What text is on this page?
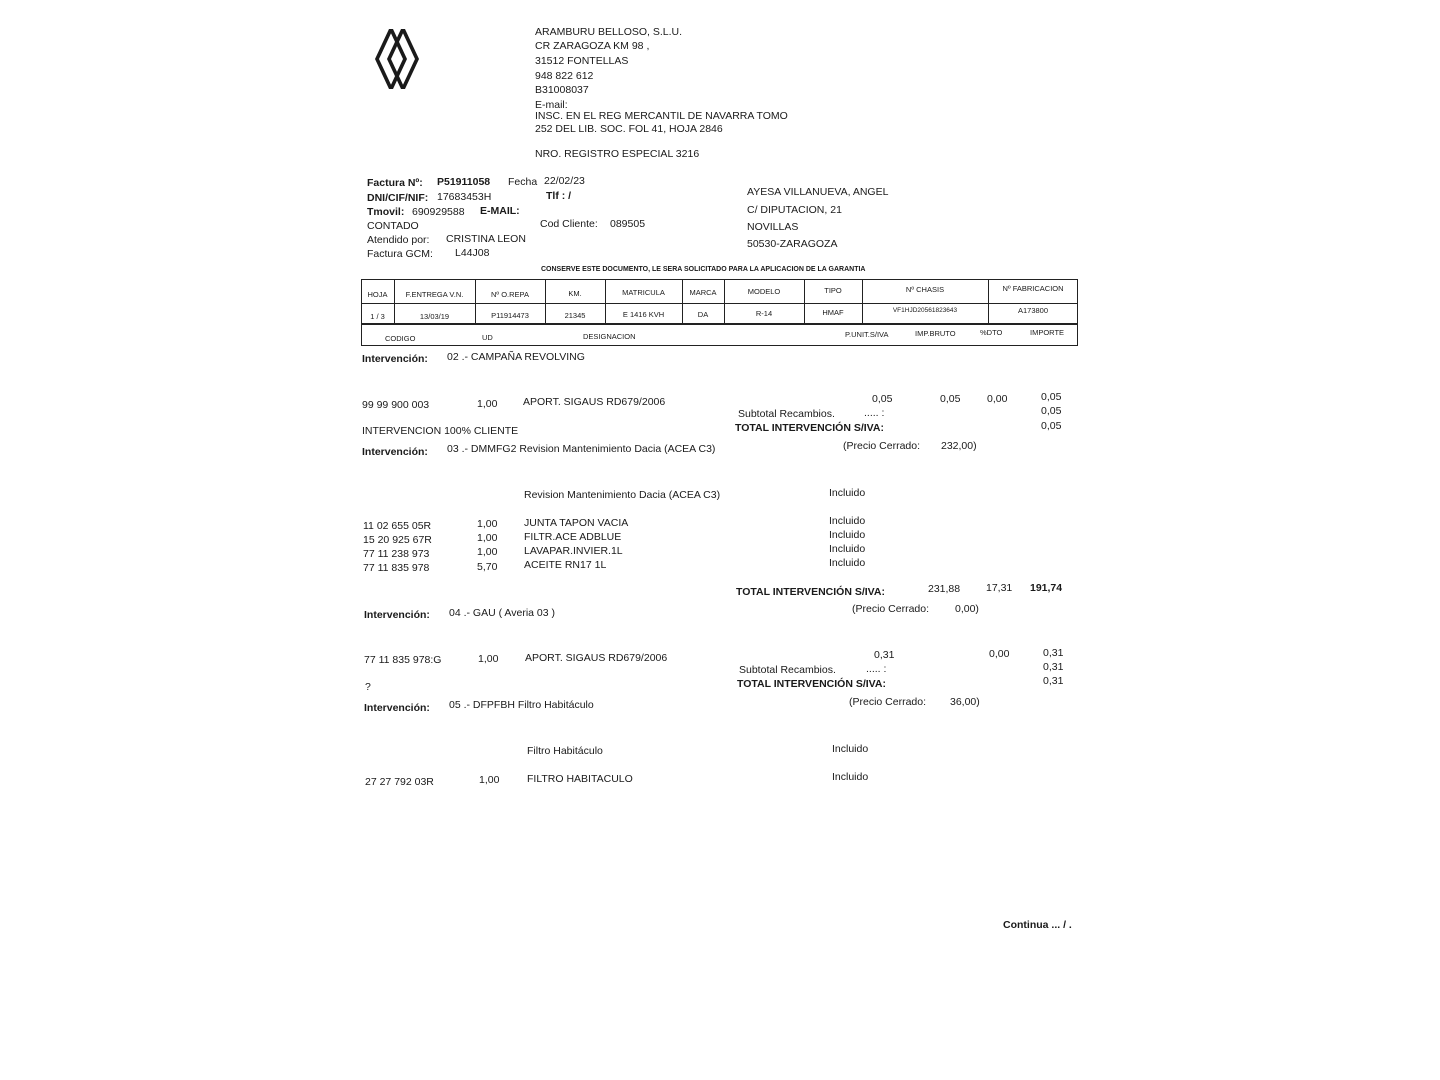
ARAMBURU BELLOSO, S.L.U.
CR ZARAGOZA KM 98 ,
31512 FONTELLAS
948 822 612
B31008037
E-mail:
INSC. EN EL REG MERCANTIL DE NAVARRA TOMO
252 DEL LIB. SOC. FOL 41, HOJA 2846
NRO. REGISTRO ESPECIAL 3216
Factura Nº: P51911058 Fecha 22/02/23
DNI/CIF/NIF: 17683453H	Tlf : /
Tmovil: 690929588 E-MAIL:
CONTADO	Cod Cliente: 089505
Atendido por: CRISTINA LEON
Factura GCM: L44J08
AYESA VILLANUEVA, ANGEL
C/ DIPUTACION, 21
NOVILLAS
50530-ZARAGOZA
CONSERVE ESTE DOCUMENTO, LE SERA SOLICITADO PARA LA APLICACION DE LA GARANTIA
HOJA	F.ENTREGA V.N.	Nº O.REPA	KM.	MATRICULA	MARCA	MODELO	TIPO	Nº CHASIS	Nº FABRICACION
1 / 3	13/03/19	P11914473	21345	E 1416 KVH	DA	R-14	HMAF	VF1HJD20561823643	A173800
CODIGO	UD	DESIGNACION	P.UNIT.S/IVA	IMP.BRUTO	%DTO	IMPORTE
Intervención: 02 .- CAMPAÑA REVOLVING
99 99 900 003	1,00 APORT. SIGAUS RD679/2006	0,05	0,05	0,00	0,05
Subtotal Recambios.	..... :	0,05
INTERVENCION 100% CLIENTE	TOTAL INTERVENCIÓN S/IVA:	0,05
Intervención: 03 .- DMMFG2 Revision Mantenimiento Dacia (ACEA C3)	(Precio Cerrado: 232,00)
Revision Mantenimiento Dacia (ACEA C3)	Incluido
11 02 655 05R	1,00	JUNTA TAPON VACIA	Incluido
15 20 925 67R	1,00	FILTR.ACE ADBLUE	Incluido
77 11 238 973	1,00	LAVAPAR.INVIER.1L	Incluido
77 11 835 978	5,70	ACEITE RN17 1L	Incluido
TOTAL INTERVENCIÓN S/IVA:	231,88 17,31 191,74
Intervención: 04 .- GAU ( Averia 03 )	(Precio Cerrado: 0,00)
77 11 835 978:G	1,00	APORT. SIGAUS RD679/2006	0,31	0,00	0,31
Subtotal Recambios.	..... :	0,31
?	TOTAL INTERVENCIÓN S/IVA:	0,31
Intervención: 05 .- DFPFBH Filtro Habitáculo	(Precio Cerrado: 36,00)
Filtro Habitáculo	Incluido
27 27 792 03R	1,00	FILTRO HABITACULO	Incluido
Continua ... / .
